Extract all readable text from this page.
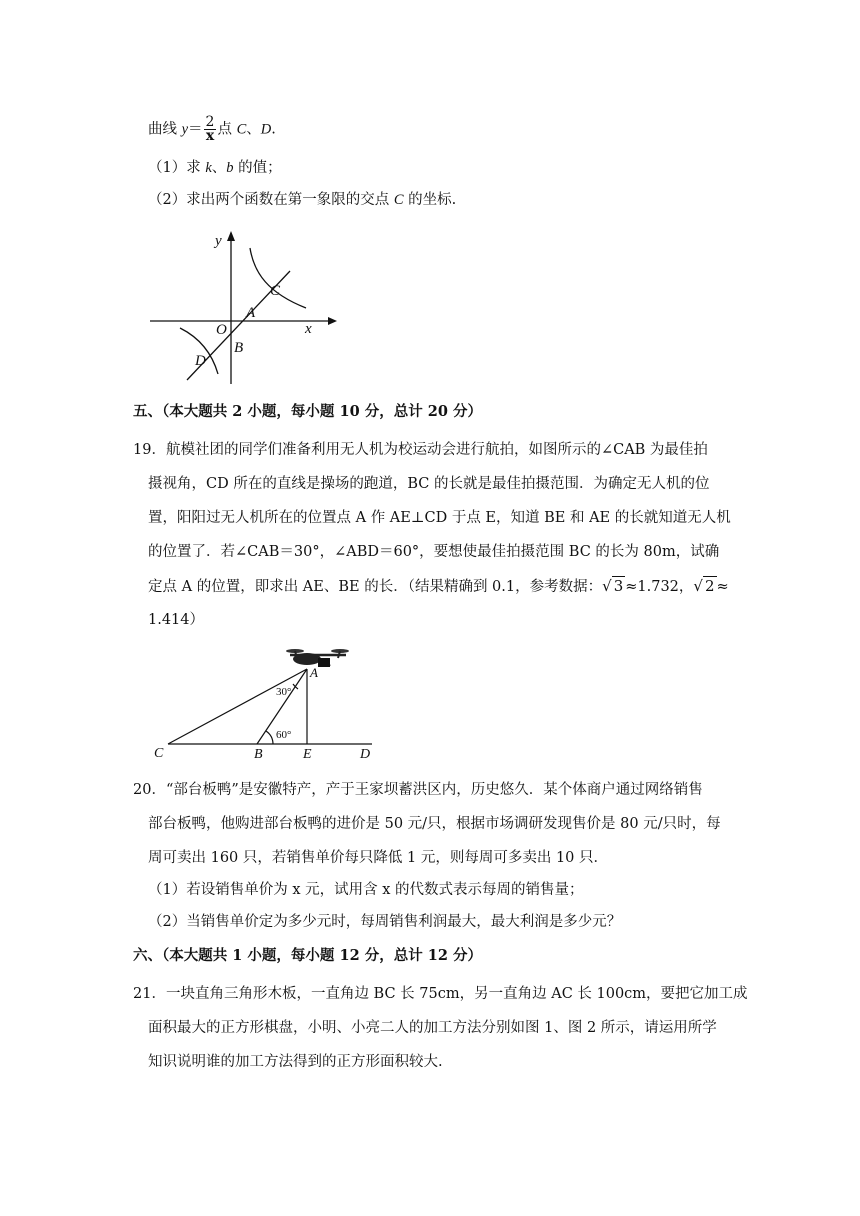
曲线 $y= \frac{2}{x}$ 点 C、D.
（1）求 k、b 的值；
（2）求出两个函数在第一象限的交点 C 的坐标.
y
x
O
A
B
C
D
五、（本大题共 2 小题，每小题 10 分，总计 20 分）
19．航模社团的同学们准备利用无人机为校运动会进行航拍，如图所示的∠CAB 为最佳拍
摄视角，CD 所在的直线是操场的跑道，BC 的长就是最佳拍摄范围．为确定无人机的位
置，阳阳过无人机所在的位置点 A 作 AE⊥CD 于点 E，知道 BE 和 AE 的长就知道无人机
的位置了．若∠CAB＝30°，∠ABD＝60°，要想使最佳拍摄范围 BC 的长为 80m，试确
定点 A 的位置，即求出 AE、BE 的长．（结果精确到 0.1，参考数据：√ 3 ≈1.732，√ 2 ≈
1.414）
A
C	B	E	D
30°
60°
20．“部台板鸭”是安徽特产，产于王家坝蓄洪区内，历史悠久．某个体商户通过网络销售
部台板鸭，他购进部台板鸭的进价是 50 元/只，根据市场调研发现售价是 80 元/只时，每
周可卖出 160 只，若销售单价每只降低 1 元，则每周可多卖出 10 只．
（1）若设销售单价为 x 元，试用含 x 的代数式表示每周的销售量；
（2）当销售单价定为多少元时，每周销售利润最大，最大利润是多少元？
六、（本大题共 1 小题，每小题 12 分，总计 12 分）
21．一块直角三角形木板，一直角边 BC 长 75cm，另一直角边 AC 长 100cm，要把它加工成
面积最大的正方形棋盘，小明、小亮二人的加工方法分别如图 1、图 2 所示，请运用所学
知识说明谁的加工方法得到的正方形面积较大.
